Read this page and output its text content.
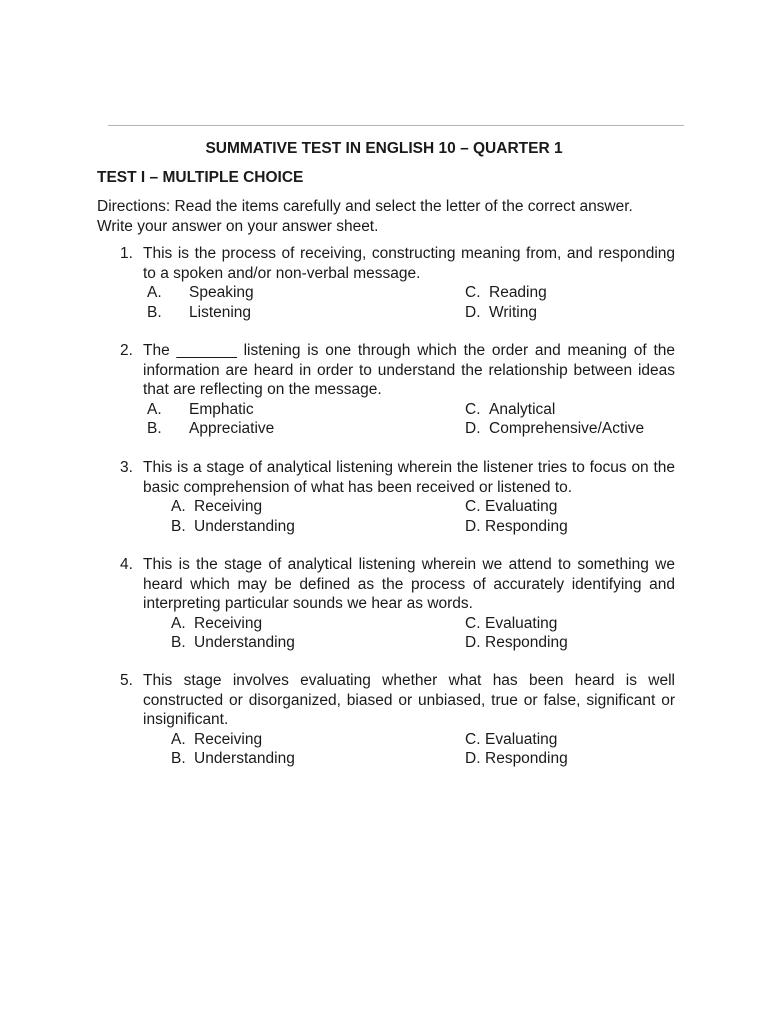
SUMMATIVE TEST IN ENGLISH 10 – QUARTER 1
TEST I – MULTIPLE CHOICE
Directions: Read the items carefully and select the letter of the correct answer.
Write your answer on your answer sheet.
1. This is the process of receiving, constructing meaning from, and responding to a spoken and/or non-verbal message.
A. Speaking
B. Listening
C. Reading
D. Writing
2. The _______ listening is one through which the order and meaning of the information are heard in order to understand the relationship between ideas that are reflecting on the message.
A. Emphatic
B. Appreciative
C. Analytical
D. Comprehensive/Active
3. This is a stage of analytical listening wherein the listener tries to focus on the basic comprehension of what has been received or listened to.
A. Receiving
B. Understanding
C. Evaluating
D. Responding
4. This is the stage of analytical listening wherein we attend to something we heard which may be defined as the process of accurately identifying and interpreting particular sounds we hear as words.
A. Receiving
B. Understanding
C. Evaluating
D. Responding
5. This stage involves evaluating whether what has been heard is well constructed or disorganized, biased or unbiased, true or false, significant or insignificant.
A. Receiving
B. Understanding
C. Evaluating
D. Responding
